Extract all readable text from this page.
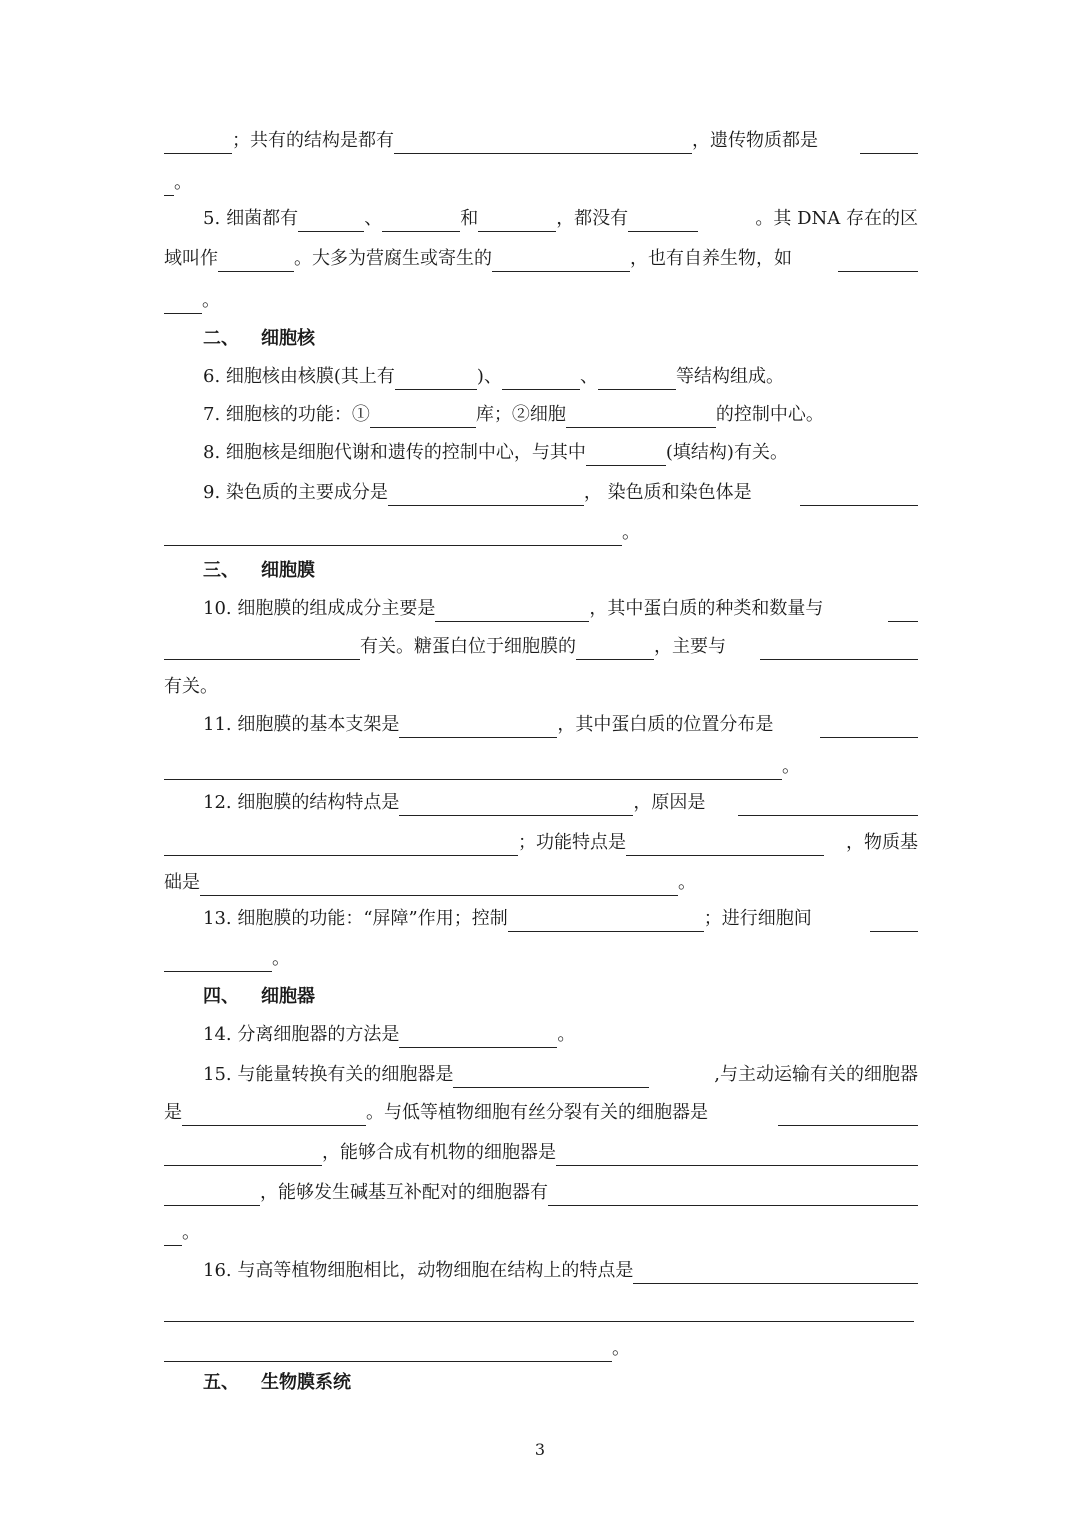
；共有的结构是都有	，遗传物质都是
。
5. 细菌都有	、	和	，都没有	。其 DNA 存在的区
域叫作	。大多为营腐生或寄生的	，也有自养生物，如
。
二、 细胞核
6. 细胞核由核膜(其上有	)、	、	等结构组成。
7. 细胞核的功能：①	库；②细胞	的控制中心。
8. 细胞核是细胞代谢和遗传的控制中心，与其中	(填结构)有关。
9. 染色质的主要成分是	， 染色质和染色体是
。
三、 细胞膜
10. 细胞膜的组成成分主要是	，其中蛋白质的种类和数量与
有关。糖蛋白位于细胞膜的	，主要与
有关。
11. 细胞膜的基本支架是	，其中蛋白质的位置分布是
。
12. 细胞膜的结构特点是	，原因是
；功能特点是	，物质基
础是	。
13. 细胞膜的功能：“屏障”作用；控制	；进行细胞间
。
四、 细胞器
14. 分离细胞器的方法是	。
15. 与能量转换有关的细胞器是	,与主动运输有关的细胞器
是	。与低等植物细胞有丝分裂有关的细胞器是
，能够合成有机物的细胞器是
，能够发生碱基互补配对的细胞器有
。
16. 与高等植物细胞相比，动物细胞在结构上的特点是
。
五、 生物膜系统
3
